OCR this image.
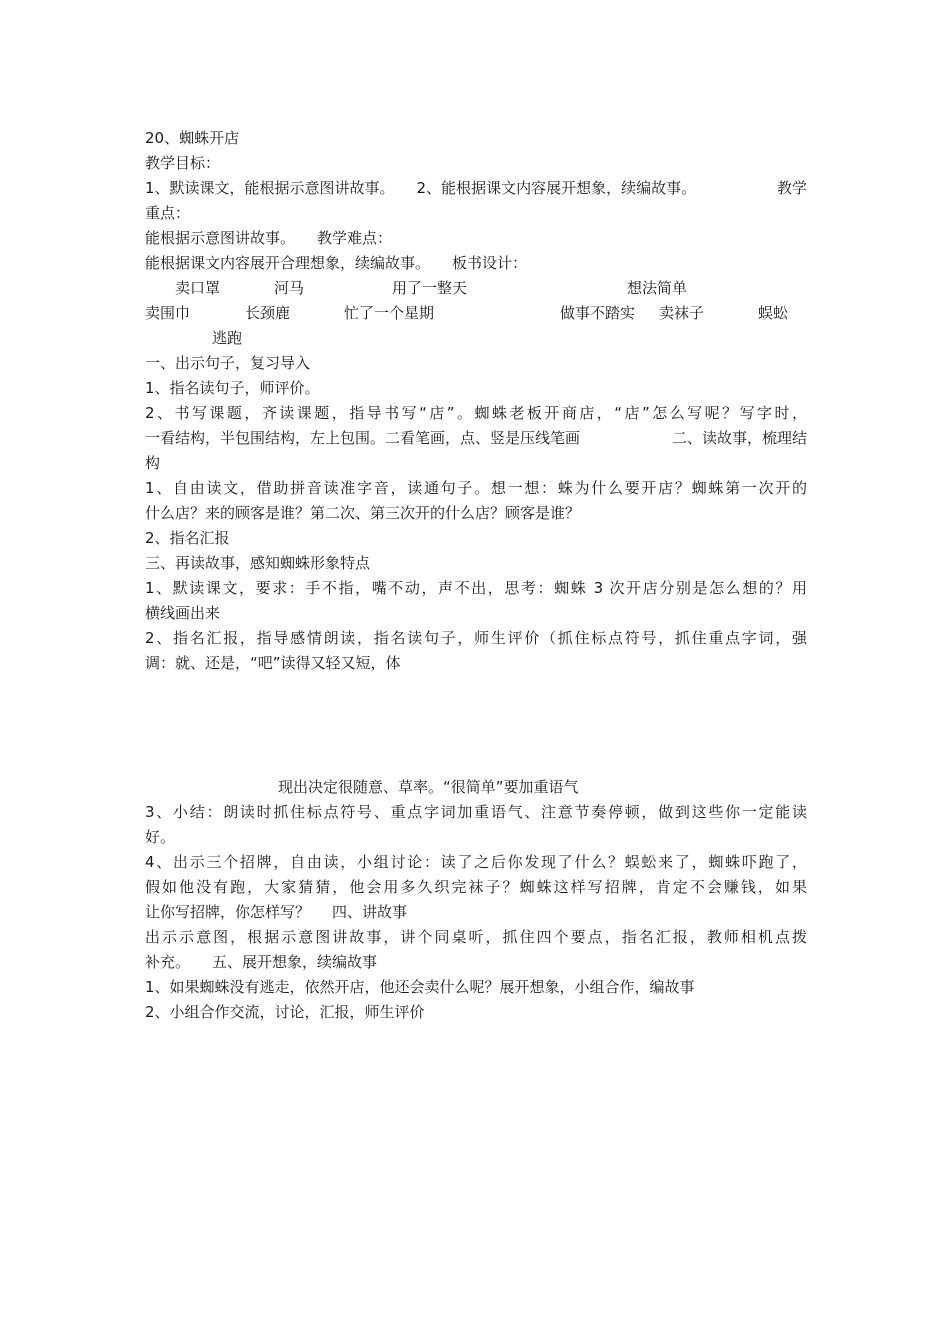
20、蜘蛛开店
教学目标：
1、默读课文，能根据示意图讲故事。 2、能根据课文内容展开想象，续编故事。	教学
重点：
能根据示意图讲故事。 教学难点：
能根据课文内容展开合理想象，续编故事。 板书设计：
卖口罩	河马	用了一整天	想法简单
卖围巾	长颈鹿	忙了一个星期	做事不踏实 卖袜子	蜈蚣
逃跑
一、出示句子，复习导入
1、指名读句子，师评价。
2、书写课题，齐读课题，指导书写“店”。蜘蛛老板开商店，“店”怎么写呢？写字时，
一看结构，半包围结构，左上包围。二看笔画，点、竖是压线笔画	二、读故事，梳理结
构
1、自由读文，借助拼音读准字音，读通句子。想一想：蛛为什么要开店？蜘蛛第一次开的
什么店？来的顾客是谁？第二次、第三次开的什么店？顾客是谁？
2、指名汇报
三、再读故事，感知蜘蛛形象特点
1、默读课文，要求：手不指，嘴不动，声不出，思考：蜘蛛 3 次开店分别是怎么想的？用
横线画出来
2、指名汇报，指导感情朗读，指名读句子，师生评价（抓住标点符号，抓住重点字词，强
调：就、还是，“吧”读得又轻又短，体
现出决定很随意、草率。“很简单”要加重语气
3、小结：朗读时抓住标点符号、重点字词加重语气、注意节奏停顿，做到这些你一定能读
好。
4、出示三个招牌，自由读，小组讨论：读了之后你发现了什么？蜈蚣来了，蜘蛛吓跑了，
假如他没有跑，大家猜猜，他会用多久织完袜子？蜘蛛这样写招牌，肯定不会赚钱，如果
让你写招牌，你怎样写？ 四、讲故事
出示示意图，根据示意图讲故事，讲个同桌听，抓住四个要点，指名汇报，教师相机点拨
补充。 五、展开想象，续编故事
1、如果蜘蛛没有逃走，依然开店，他还会卖什么呢？展开想象，小组合作，编故事
2、小组合作交流，讨论，汇报，师生评价
